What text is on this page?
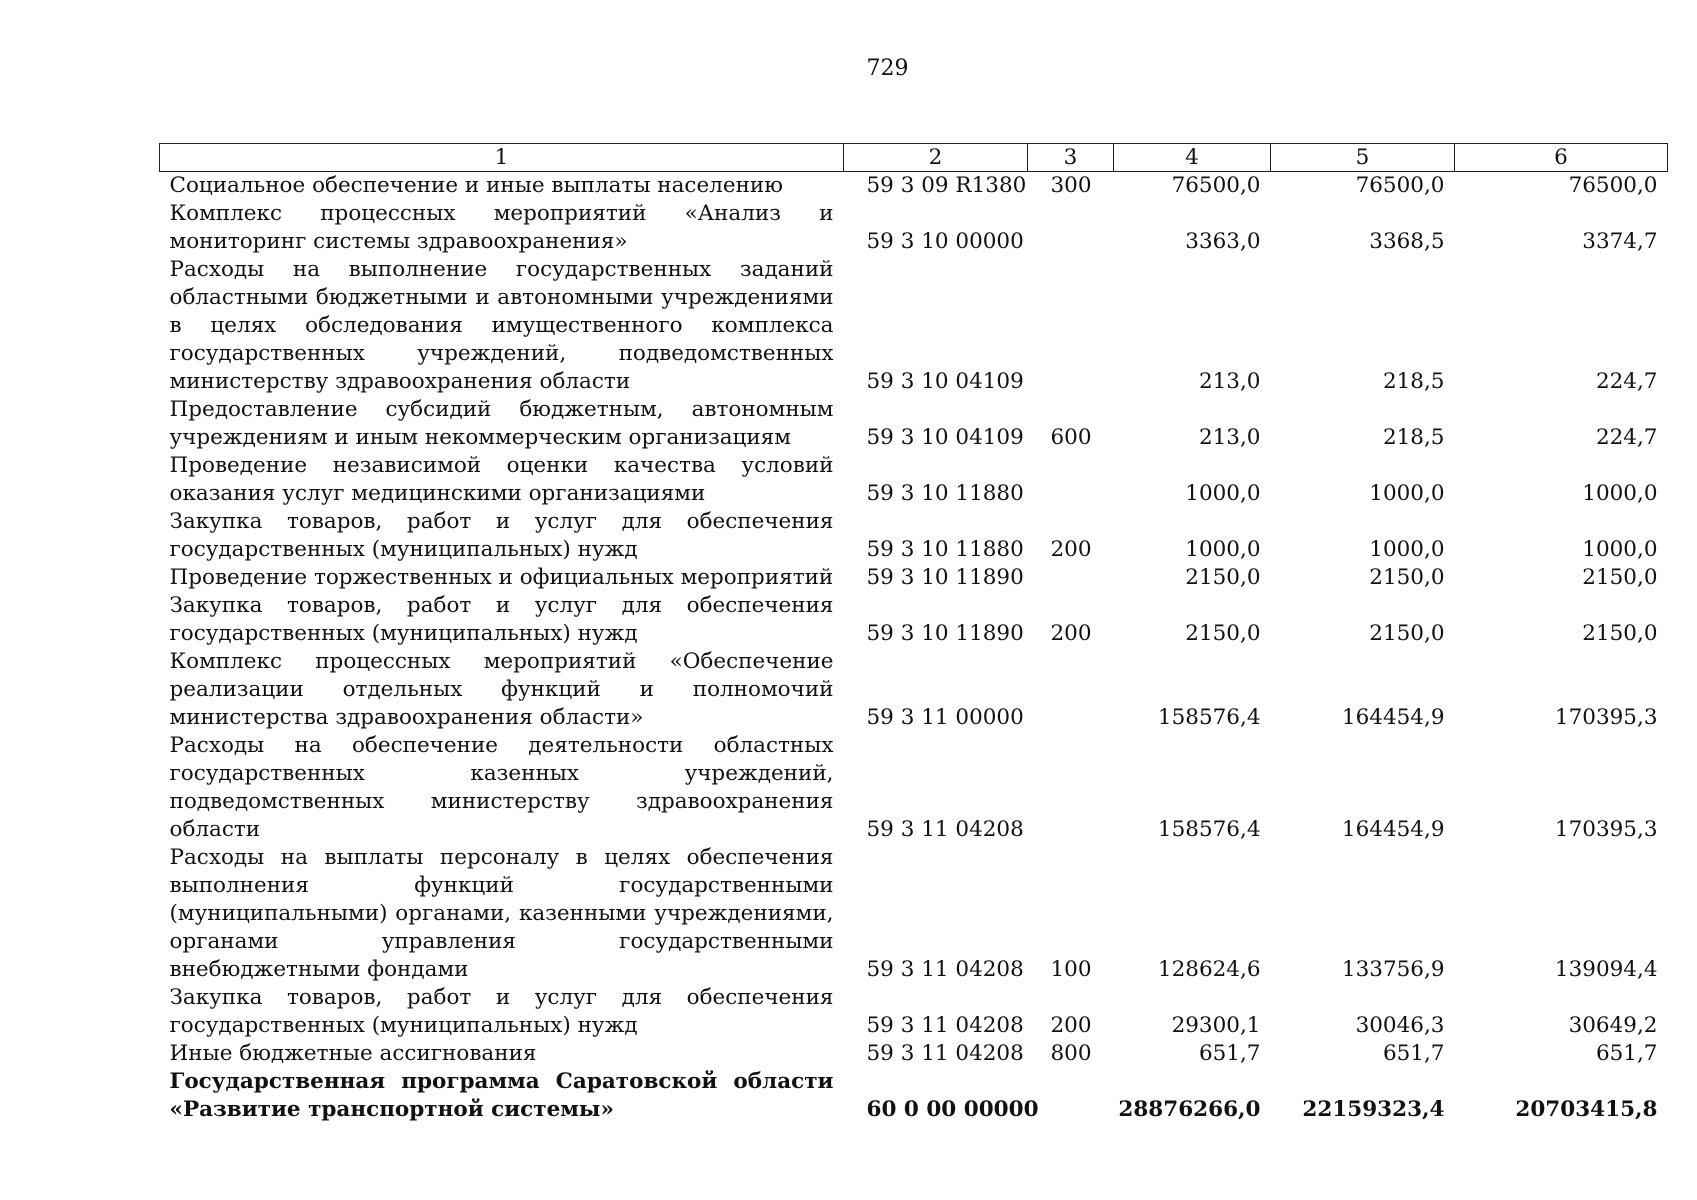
729
1	2	3	4	5	6
Социальное обеспечение и иные выплаты населению	59 3 09 R1380	300	76500,0	76500,0	76500,0
Комплекс процессных мероприятий «Анализ и мониторинг системы здравоохранения»	59 3 10 00000		3363,0	3368,5	3374,7
Расходы на выполнение государственных заданий областными бюджетными и автономными учреждениями в целях обследования имущественного комплекса государственных учреждений, подведомственных министерству здравоохранения области	59 3 10 04109		213,0	218,5	224,7
Предоставление субсидий бюджетным, автономным учреждениям и иным некоммерческим организациям	59 3 10 04109	600	213,0	218,5	224,7
Проведение независимой оценки качества условий оказания услуг медицинскими организациями	59 3 10 11880		1000,0	1000,0	1000,0
Закупка товаров, работ и услуг для обеспечения государственных (муниципальных) нужд	59 3 10 11880	200	1000,0	1000,0	1000,0
Проведение торжественных и официальных мероприятий	59 3 10 11890		2150,0	2150,0	2150,0
Закупка товаров, работ и услуг для обеспечения государственных (муниципальных) нужд	59 3 10 11890	200	2150,0	2150,0	2150,0
Комплекс процессных мероприятий «Обеспечение реализации отдельных функций и полномочий министерства здравоохранения области»	59 3 11 00000		158576,4	164454,9	170395,3
Расходы на обеспечение деятельности областных государственных казенных учреждений, подведомственных министерству здравоохранения области	59 3 11 04208		158576,4	164454,9	170395,3
Расходы на выплаты персоналу в целях обеспечения выполнения функций государственными (муниципальными) органами, казенными учреждениями, органами управления государственными внебюджетными фондами	59 3 11 04208	100	128624,6	133756,9	139094,4
Закупка товаров, работ и услуг для обеспечения государственных (муниципальных) нужд	59 3 11 04208	200	29300,1	30046,3	30649,2
Иные бюджетные ассигнования	59 3 11 04208	800	651,7	651,7	651,7
Государственная программа Саратовской области «Развитие транспортной системы»	60 0 00 00000		28876266,0	22159323,4	20703415,8
